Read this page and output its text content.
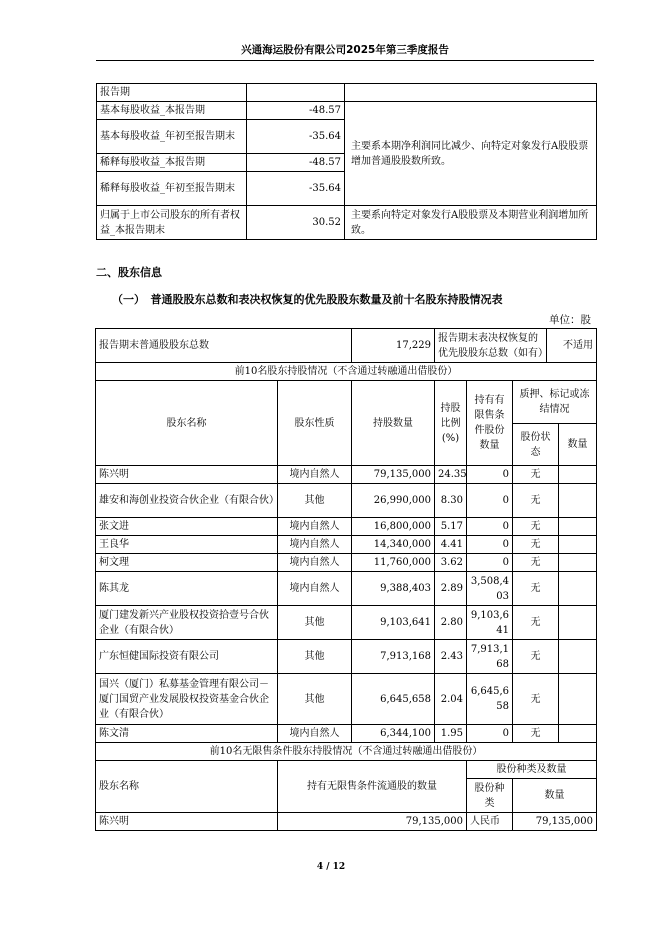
兴通海运股份有限公司2025年第三季度报告
报告期		
基本每股收益_本报告期	-48.57	主要系本期净利润同比减少、向特定对象发行A股股票增加普通股股数所致。
基本每股收益_年初至报告期末	-35.64	
稀释每股收益_本报告期	-48.57	
稀释每股收益_年初至报告期末	-35.64	
归属于上市公司股东的所有者权益_本报告期末	30.52	主要系向特定对象发行A股股票及本期营业利润增加所致。
二、股东信息
（一）　普通股股东总数和表决权恢复的优先股股东数量及前十名股东持股情况表
单位：股
报告期末普通股股东总数		17,229	报告期末表决权恢复的优先股股东总数（如有）			不适用	
前10名股东持股情况（不含通过转融通出借股份）							
股东名称	股东性质	持股数量	持股比例(%)	持有有限售条件股份数量	质押、标记或冻结情况		
					股份状态		数量
陈兴明	境内自然人	79,135,000	24.35	0	无		
雄安和海创业投资合伙企业（有限合伙）	其他	26,990,000	8.30	0	无		
张文进	境内自然人	16,800,000	5.17	0	无		
王良华	境内自然人	14,340,000	4.41	0	无		
柯文理	境内自然人	11,760,000	3.62	0	无		
陈其龙	境内自然人	9,388,403	2.89	3,508,403	无		
厦门建发新兴产业股权投资拾壹号合伙企业（有限合伙）	其他	9,103,641	2.80	9,103,641	无		
广东恒健国际投资有限公司	其他	7,913,168	2.43	7,913,168	无		
国兴（厦门）私募基金管理有限公司－厦门国贸产业发展股权投资基金合伙企业（有限合伙）	其他	6,645,658	2.04	6,645,658	无		
陈文清	境内自然人	6,344,100	1.95	0	无		
前10名无限售条件股东持股情况（不含通过转融通出借股份）							
股东名称	持有无限售条件流通股的数量			股份种类及数量			
				股份种类	数量		
陈兴明	79,135,000			人民币	79,135,000		
4 / 12
